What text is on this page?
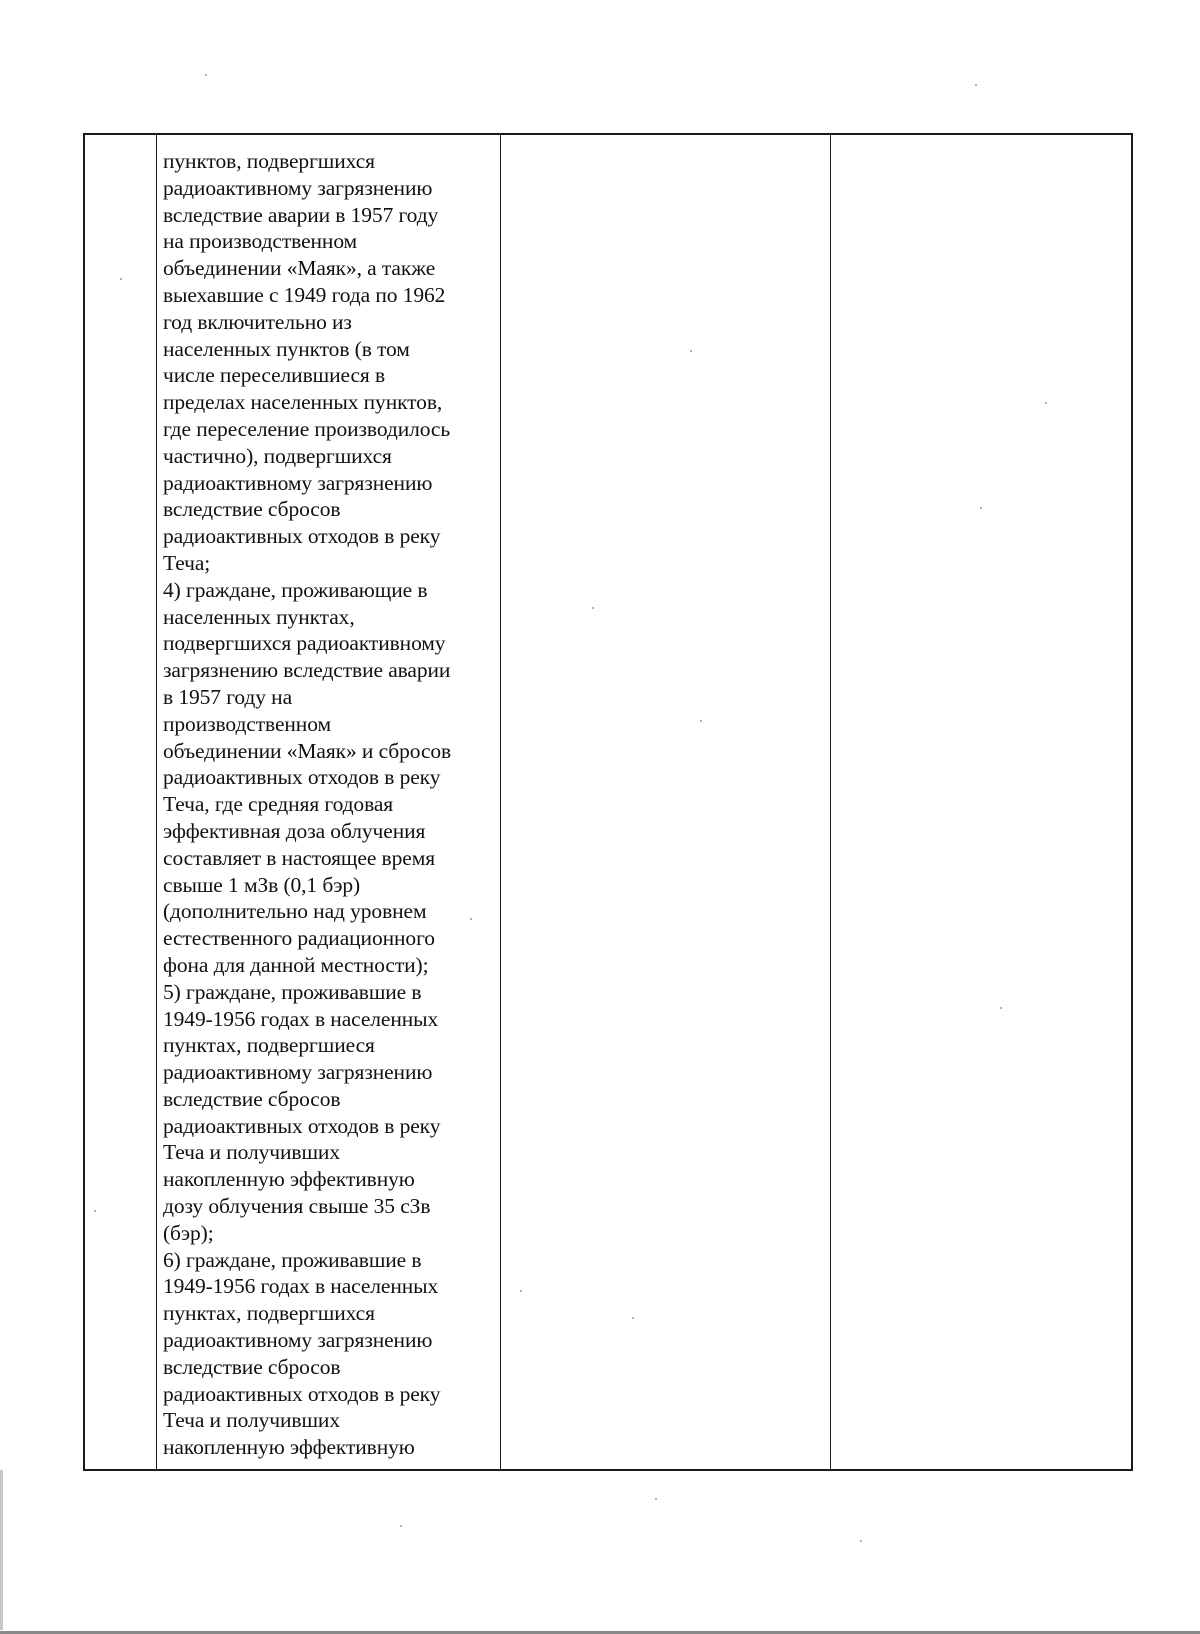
пунктов, подвергшихся
радиоактивному загрязнению
вследствие аварии в 1957 году
на производственном
объединении «Маяк», а также
выехавшие с 1949 года по 1962
год включительно из
населенных пунктов (в том
числе переселившиеся в
пределах населенных пунктов,
где переселение производилось
частично), подвергшихся
радиоактивному загрязнению
вследствие сбросов
радиоактивных отходов в реку
Теча;
4) граждане, проживающие в
населенных пунктах,
подвергшихся радиоактивному
загрязнению вследствие аварии
в 1957 году на
производственном
объединении «Маяк» и сбросов
радиоактивных отходов в реку
Теча, где средняя годовая
эффективная доза облучения
составляет в настоящее время
свыше 1 мЗв (0,1 бэр)
(дополнительно над уровнем
естественного радиационного
фона для данной местности);
5) граждане, проживавшие в
1949-1956 годах в населенных
пунктах, подвергшиеся
радиоактивному загрязнению
вследствие сбросов
радиоактивных отходов в реку
Теча и получивших
накопленную эффективную
дозу облучения свыше 35 сЗв
(бэр);
6) граждане, проживавшие в
1949-1956 годах в населенных
пунктах, подвергшихся
радиоактивному загрязнению
вследствие сбросов
радиоактивных отходов в реку
Теча и получивших
накопленную эффективную
